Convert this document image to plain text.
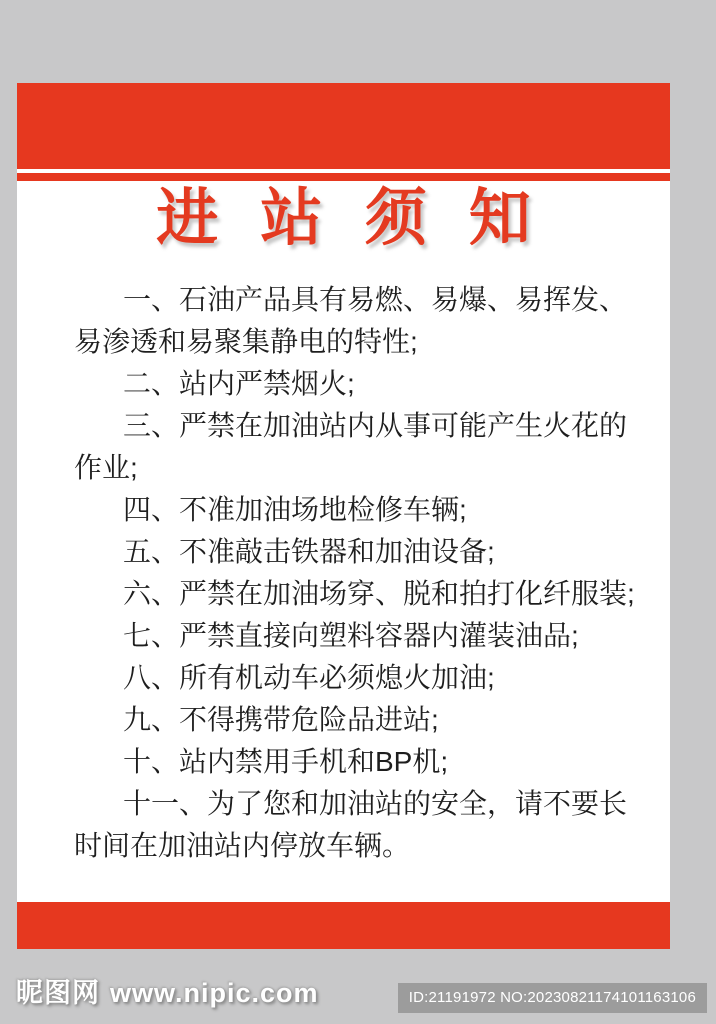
进站须知

一、石油产品具有易燃、易爆、易挥发、易渗透和易聚集静电的特性;

二、站内严禁烟火;

三、严禁在加油站内从事可能产生火花的作业;

四、不准加油场地检修车辆;

五、不准敲击铁器和加油设备;

六、严禁在加油场穿、脱和拍打化纤服装;

七、严禁直接向塑料容器内灌装油品;

八、所有机动车必须熄火加油;

九、不得携带危险品进站;

十、站内禁用手机和BP机;

十一、为了您和加油站的安全，请不要长时间在加油站内停放车辆。

昵图网 www.nipic.com	ID:21191972 NO:20230821174101163106
